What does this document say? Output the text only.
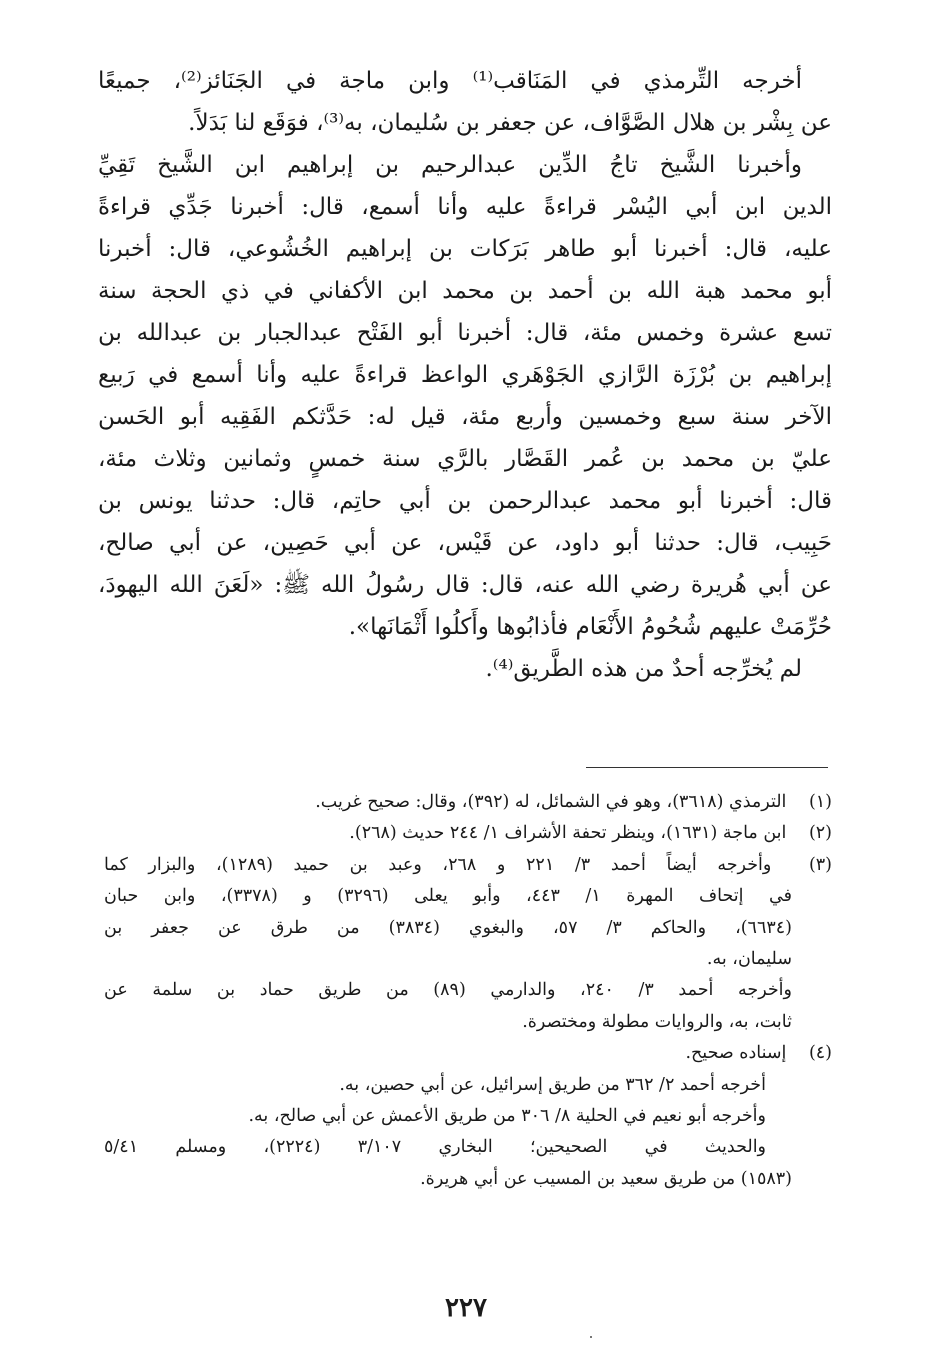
أخرجه التِّرمذي في المَنَاقب⁽¹⁾ وابن ماجة في الجَنَائز⁽²⁾، جميعًا
عن بِشْر بن هلال الصَّوَّاف، عن جعفر بن سُليمان، به⁽³⁾، فوَقَع لنا بَدَلاً.
وأخبرنا الشَّيخ تاجُ الدِّين عبدالرحيم بن إبراهيم ابن الشَّيخ تَقِيِّ
الدين ابن أبي اليُسْر قراءةً عليه وأنا أسمع، قال: أخبرنا جَدِّي قراءةً
عليه، قال: أخبرنا أبو طاهر بَرَكات بن إبراهيم الخُشُوعي، قال: أخبرنا
أبو محمد هبة الله بن أحمد بن محمد ابن الأكفاني في ذي الحجة سنة
تسع عشرة وخمس مئة، قال: أخبرنا أبو الفَتْح عبدالجبار بن عبدالله بن
إبراهيم بن بُرْزَة الرَّازي الجَوْهَري الواعظ قراءةً عليه وأنا أسمع في رَبيع
الآخر سنة سبع وخمسين وأربع مئة، قيل له: حَدَّثكم الفَقِيه أبو الحَسن
عليّ بن محمد بن عُمر القَصَّار بالرَّي سنة خمسٍ وثمانين وثلاث مئة،
قال: أخبرنا أبو محمد عبدالرحمن بن أبي حاتِم، قال: حدثنا يونس بن
حَبِيب، قال: حدثنا أبو داود، عن قَيْس، عن أبي حَصِين، عن أبي صالح،
عن أبي هُريرة رضي الله عنه، قال: قال رسُولُ الله ﷺ: «لَعَنَ الله اليهودَ،
حُرِّمَتْ عليهم شُحُومُ الأَنْعَام فأذابُوها وأَكلُوا أَثْمَانَها».
لم يُخرِّجه أحدٌ من هذه الطَّريق⁽⁴⁾.
(١) الترمذي (٣٦١٨)، وهو في الشمائل، له (٣٩٢)، وقال: صحيح غريب.
(٢) ابن ماجة (١٦٣١)، وينظر تحفة الأشراف ١/ ٢٤٤ حديث (٢٦٨).
(٣) وأخرجه أيضاً أحمد ٣/ ٢٢١ و ٢٦٨، وعبد بن حميد (١٢٨٩)، والبزار كما
في إتحاف المهرة ١/ ٤٤٣، وأبو يعلى (٣٢٩٦) و (٣٣٧٨)، وابن حبان
(٦٦٣٤)، والحاكم ٣/ ٥٧، والبغوي (٣٨٣٤) من طرق عن جعفر بن
سليمان، به.
وأخرجه أحمد ٣/ ٢٤٠، والدارمي (٨٩) من طريق حماد بن سلمة عن
ثابت، به، والروايات مطولة ومختصرة.
(٤) إسناده صحيح.
أخرجه أحمد ٢/ ٣٦٢ من طريق إسرائيل، عن أبي حصين، به.
وأخرجه أبو نعيم في الحلية ٨/ ٣٠٦ من طريق الأعمش عن أبي صالح، به.
والحديث في الصحيحين؛ البخاري ٣/١٠٧ (٢٢٢٤)، ومسلم ٥/٤١
(١٥٨٣) من طريق سعيد بن المسيب عن أبي هريرة.
٢٢٧
